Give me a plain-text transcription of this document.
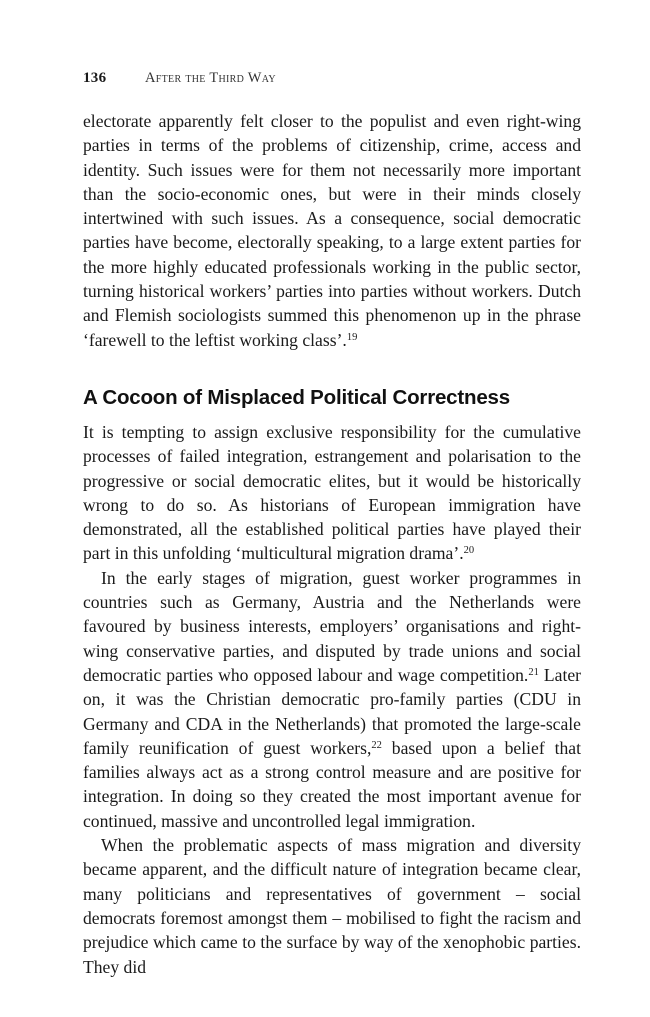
136	After the Third Way

electorate apparently felt closer to the populist and even right-wing parties in terms of the problems of citizenship, crime, access and identity. Such issues were for them not necessarily more important than the socio-economic ones, but were in their minds closely intertwined with such issues. As a consequence, social democratic parties have become, electorally speaking, to a large extent parties for the more highly educated professionals working in the public sector, turning historical workers’ parties into parties without workers. Dutch and Flemish sociologists summed this phenomenon up in the phrase ‘farewell to the leftist working class’.$^{19}$

A Cocoon of Misplaced Political Correctness

It is tempting to assign exclusive responsibility for the cumulative processes of failed integration, estrangement and polarisation to the progressive or social democratic elites, but it would be historically wrong to do so. As historians of European immigration have demonstrated, all the established political parties have played their part in this unfolding ‘multicultural migration drama’.$^{20}$

In the early stages of migration, guest worker programmes in countries such as Germany, Austria and the Netherlands were favoured by business interests, employers’ organisations and right-wing conservative parties, and disputed by trade unions and social democratic parties who opposed labour and wage competition.$^{21}$ Later on, it was the Christian democratic pro-family parties (CDU in Germany and CDA in the Netherlands) that promoted the large-scale family reunification of guest workers,$^{22}$ based upon a belief that families always act as a strong control measure and are positive for integration. In doing so they created the most important avenue for continued, massive and uncontrolled legal immigration.

When the problematic aspects of mass migration and diversity became apparent, and the difficult nature of integration became clear, many politicians and representatives of government – social democrats foremost amongst them – mobilised to fight the racism and prejudice which came to the surface by way of the xenophobic parties. They did
